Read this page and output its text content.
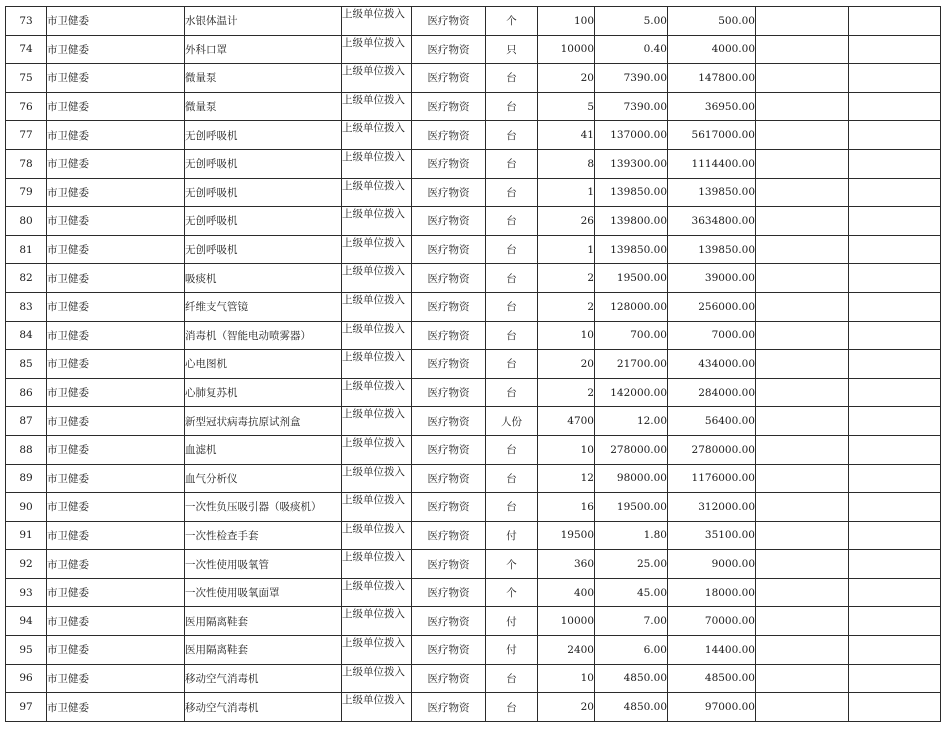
73	市卫健委	水银体温计	上级单位拨入	医疗物资	个	100	5.00	500.00		
74	市卫健委	外科口罩	上级单位拨入	医疗物资	只	10000	0.40	4000.00		
75	市卫健委	微量泵	上级单位拨入	医疗物资	台	20	7390.00	147800.00		
76	市卫健委	微量泵	上级单位拨入	医疗物资	台	5	7390.00	36950.00		
77	市卫健委	无创呼吸机	上级单位拨入	医疗物资	台	41	137000.00	5617000.00		
78	市卫健委	无创呼吸机	上级单位拨入	医疗物资	台	8	139300.00	1114400.00		
79	市卫健委	无创呼吸机	上级单位拨入	医疗物资	台	1	139850.00	139850.00		
80	市卫健委	无创呼吸机	上级单位拨入	医疗物资	台	26	139800.00	3634800.00		
81	市卫健委	无创呼吸机	上级单位拨入	医疗物资	台	1	139850.00	139850.00		
82	市卫健委	吸痰机	上级单位拨入	医疗物资	台	2	19500.00	39000.00		
83	市卫健委	纤维支气管镜	上级单位拨入	医疗物资	台	2	128000.00	256000.00		
84	市卫健委	消毒机（智能电动喷雾器）	上级单位拨入	医疗物资	台	10	700.00	7000.00		
85	市卫健委	心电图机	上级单位拨入	医疗物资	台	20	21700.00	434000.00		
86	市卫健委	心肺复苏机	上级单位拨入	医疗物资	台	2	142000.00	284000.00		
87	市卫健委	新型冠状病毒抗原试剂盒	上级单位拨入	医疗物资	人份	4700	12.00	56400.00		
88	市卫健委	血滤机	上级单位拨入	医疗物资	台	10	278000.00	2780000.00		
89	市卫健委	血气分析仪	上级单位拨入	医疗物资	台	12	98000.00	1176000.00		
90	市卫健委	一次性负压吸引器（吸痰机）	上级单位拨入	医疗物资	台	16	19500.00	312000.00		
91	市卫健委	一次性检查手套	上级单位拨入	医疗物资	付	19500	1.80	35100.00		
92	市卫健委	一次性使用吸氧管	上级单位拨入	医疗物资	个	360	25.00	9000.00		
93	市卫健委	一次性使用吸氧面罩	上级单位拨入	医疗物资	个	400	45.00	18000.00		
94	市卫健委	医用隔离鞋套	上级单位拨入	医疗物资	付	10000	7.00	70000.00		
95	市卫健委	医用隔离鞋套	上级单位拨入	医疗物资	付	2400	6.00	14400.00		
96	市卫健委	移动空气消毒机	上级单位拨入	医疗物资	台	10	4850.00	48500.00		
97	市卫健委	移动空气消毒机	上级单位拨入	医疗物资	台	20	4850.00	97000.00		
